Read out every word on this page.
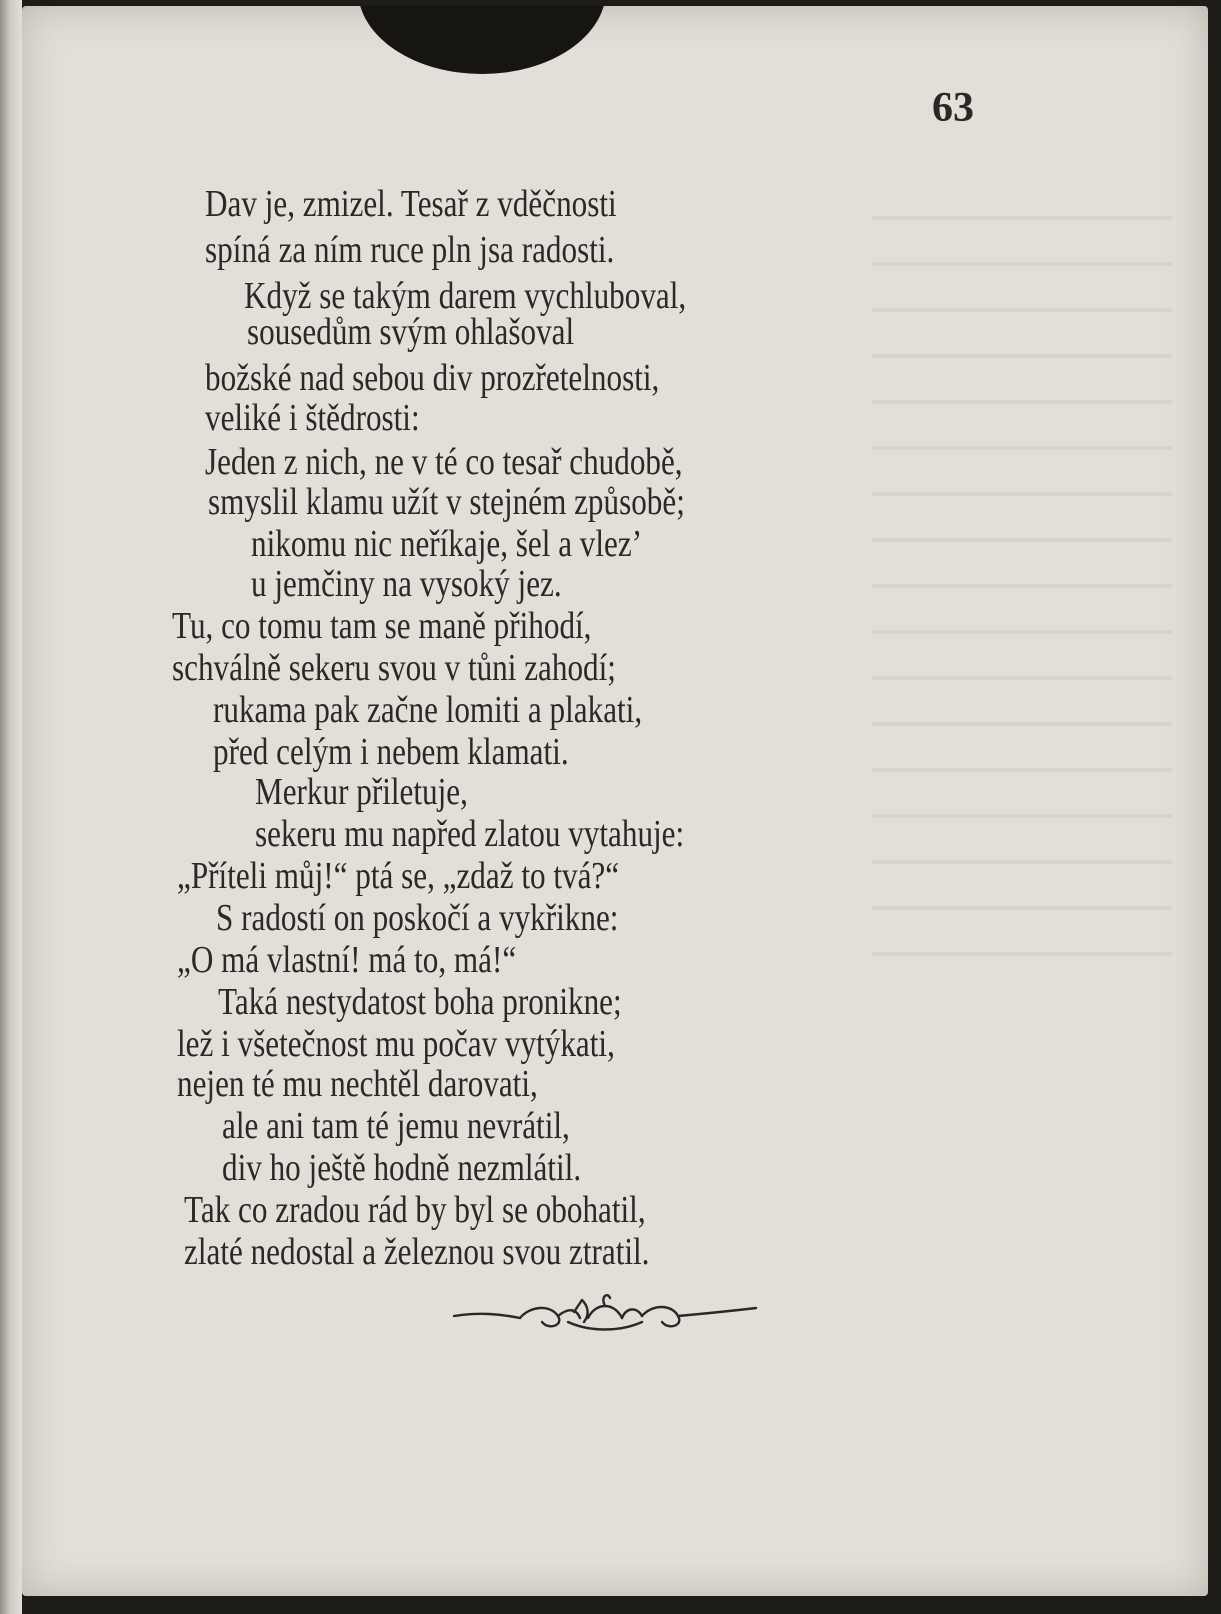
63
Dav je, zmizel. Tesař z vděčnosti
spíná za ním ruce pln jsa radosti.
Když se takým darem vychluboval,
sousedům svým ohlašoval
božské nad sebou div prozřetelnosti,
veliké i štědrosti:
Jeden z nich, ne v té co tesař chudobě,
smyslil klamu užít v stejném způsobě;
nikomu nic neříkaje, šel a vlez’
u jemčiny na vysoký jez.
Tu, co tomu tam se maně přihodí,
schválně sekeru svou v tůni zahodí;
rukama pak začne lomiti a plakati,
před celým i nebem klamati.
Merkur přiletuje,
sekeru mu napřed zlatou vytahuje:
„Příteli můj!“ ptá se, „zdaž to tvá?“
S radostí on poskočí a vykřikne:
„O má vlastní! má to, má!“
Taká nestydatost boha pronikne;
lež i všetečnost mu počav vytýkati,
nejen té mu nechtěl darovati,
ale ani tam té jemu nevrátil,
div ho ještě hodně nezmlátil.
Tak co zradou rád by byl se obohatil,
zlaté nedostal a železnou svou ztratil.
